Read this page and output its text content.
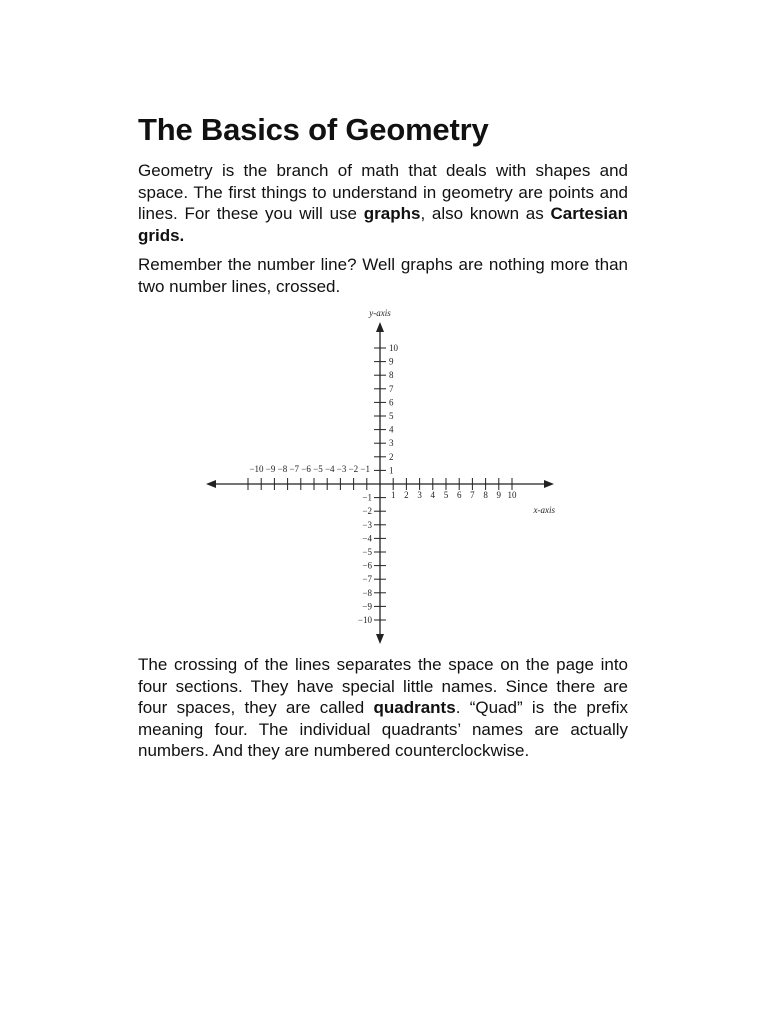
The Basics of Geometry

Geometry is the branch of math that deals with shapes and space. The first things to understand in geometry are points and lines. For these you will use graphs, also known as Cartesian grids.

Remember the number line? Well graphs are nothing more than two number lines, crossed.

1 2 3 4 5 6 7 8 9 10
−10 −9 −8 −7 −6 −5 −4 −3 −2 −1 1
2
3
4
5
6
7
8
9
10
−1
−2
−3
−4
−5
−6
−7
−8
−9
−10
y-axis
x-axis

The crossing of the lines separates the space on the page into four sections. They have special little names. Since there are four spaces, they are called quadrants. “Quad” is the prefix meaning four. The individual quadrants’ names are actually numbers. And they are numbered counterclockwise.
